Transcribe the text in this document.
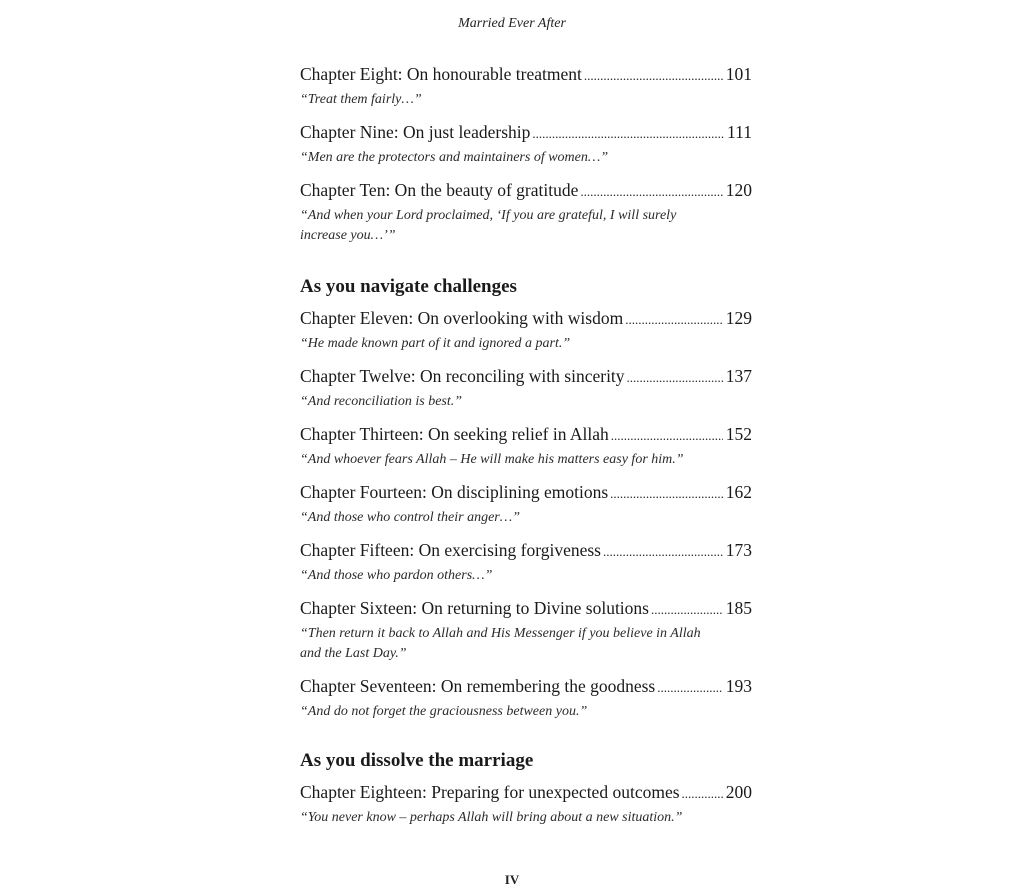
Married Ever After
Chapter Eight: On honourable treatment .....	101
“Treat them fairly…”
Chapter Nine: On just leadership .....	111
“Men are the protectors and maintainers of women…”
Chapter Ten: On the beauty of gratitude .....	120
“And when your Lord proclaimed, ‘If you are grateful, I will surely increase you…’”
As you navigate challenges
Chapter Eleven: On overlooking with wisdom .....	129
“He made known part of it and ignored a part.”
Chapter Twelve: On reconciling with sincerity .....	137
“And reconciliation is best.”
Chapter Thirteen: On seeking relief in Allah .....	152
“And whoever fears Allah – He will make his matters easy for him.”
Chapter Fourteen: On disciplining emotions .....	162
“And those who control their anger…”
Chapter Fifteen: On exercising forgiveness .....	173
“And those who pardon others…”
Chapter Sixteen: On returning to Divine solutions .....	185
“Then return it back to Allah and His Messenger if you believe in Allah and the Last Day.”
Chapter Seventeen: On remembering the goodness .....	193
“And do not forget the graciousness between you.”
As you dissolve the marriage
Chapter Eighteen: Preparing for unexpected outcomes .....	200
“You never know – perhaps Allah will bring about a new situation.”
IV
